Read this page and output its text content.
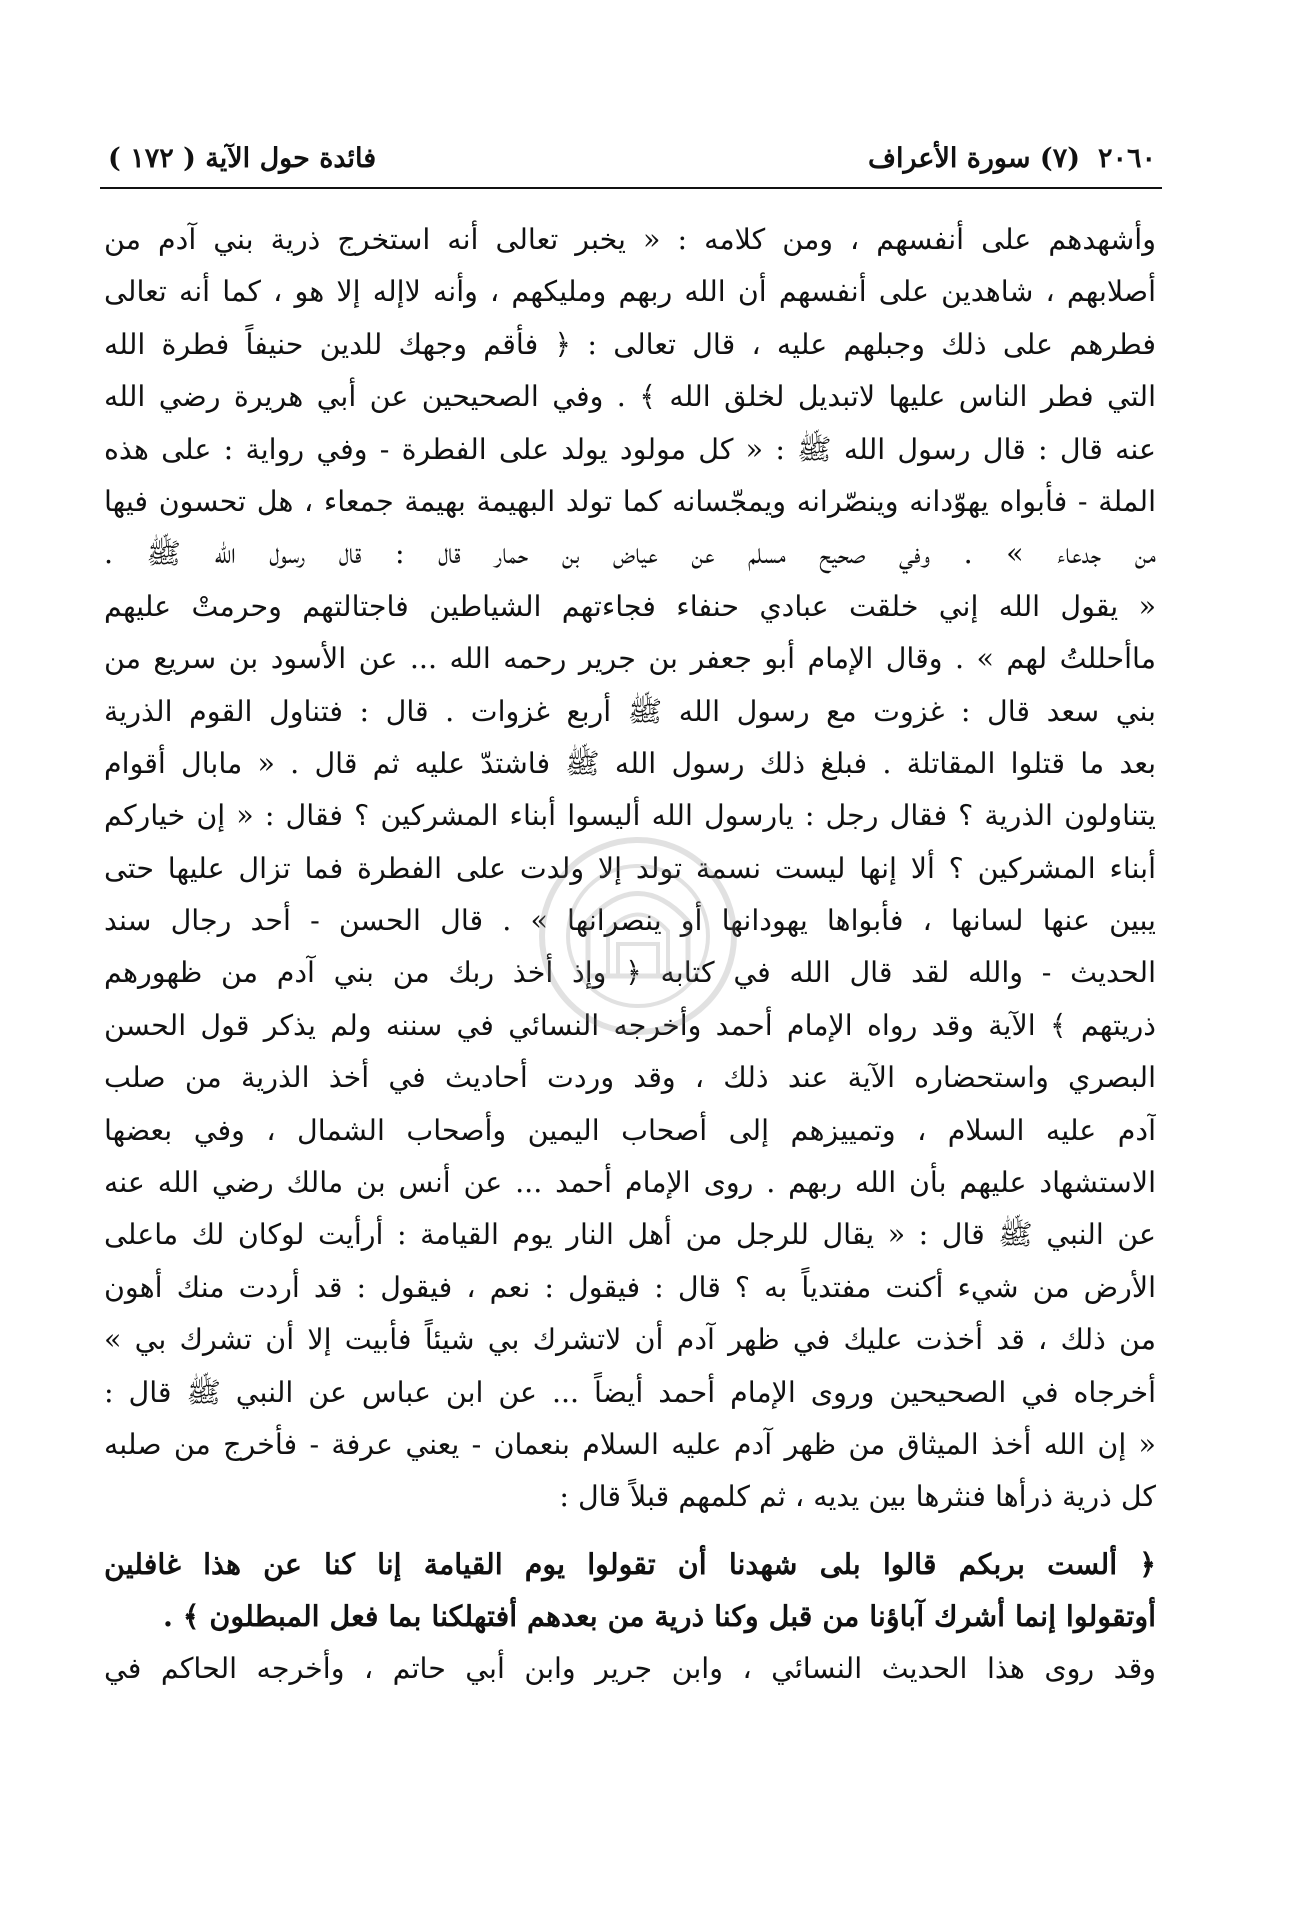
٢٠٦٠
(٧) سورة الأعراف
فائدة حول الآية ( ١٧٢ )
وأشهدهم على أنفسهم ، ومن كلامه : « يخبر تعالى أنه استخرج ذرية بني آدم من
أصلابهم ، شاهدين على أنفسهم أن الله ربهم ومليكهم ، وأنه لاإله إلا هو ، كما أنه تعالى
فطرهم على ذلك وجبلهم عليه ، قال تعالى : ﴿ فأقم وجهك للدين حنيفاً فطرة الله
التي فطر الناس عليها لاتبديل لخلق الله ﴾ . وفي الصحيحين عن أبي هريرة رضي الله
عنه قال : قال رسول الله ﷺ : « كل مولود يولد على الفطرة - وفي رواية : على هذه
الملة - فأبواه يهوّدانه وينصّرانه ويمجّسانه كما تولد البهيمة بهيمة جمعاء ، هل تحسون فيها
من جدعاء » . وفي صحيح مسلم عن عياض بن حمار قال : قال رسول الله ﷺ .
« يقول الله إني خلقت عبادي حنفاء فجاءتهم الشياطين فاجتالتهم وحرمتْ عليهم
ماأحللتُ لهم » . وقال الإمام أبو جعفر بن جرير رحمه الله ... عن الأسود بن سريع من
بني سعد قال : غزوت مع رسول الله ﷺ أربع غزوات . قال : فتناول القوم الذرية
بعد ما قتلوا المقاتلة . فبلغ ذلك رسول الله ﷺ فاشتدّ عليه ثم قال . « مابال أقوام
يتناولون الذرية ؟ فقال رجل : يارسول الله أليسوا أبناء المشركين ؟ فقال : « إن خياركم
أبناء المشركين ؟ ألا إنها ليست نسمة تولد إلا ولدت على الفطرة فما تزال عليها حتى
يبين عنها لسانها ، فأبواها يهودانها أو ينصرانها » . قال الحسن - أحد رجال سند
الحديث - والله لقد قال الله في كتابه ﴿ وإذ أخذ ربك من بني آدم من ظهورهم
ذريتهم ﴾ الآية وقد رواه الإمام أحمد وأخرجه النسائي في سننه ولم يذكر قول الحسن
البصري واستحضاره الآية عند ذلك ، وقد وردت أحاديث في أخذ الذرية من صلب
آدم عليه السلام ، وتمييزهم إلى أصحاب اليمين وأصحاب الشمال ، وفي بعضها
الاستشهاد عليهم بأن الله ربهم . روى الإمام أحمد ... عن أنس بن مالك رضي الله عنه
عن النبي ﷺ قال : « يقال للرجل من أهل النار يوم القيامة : أرأيت لوكان لك ماعلى
الأرض من شيء أكنت مفتدياً به ؟ قال : فيقول : نعم ، فيقول : قد أردت منك أهون
من ذلك ، قد أخذت عليك في ظهر آدم أن لاتشرك بي شيئاً فأبيت إلا أن تشرك بي »
أخرجاه في الصحيحين وروى الإمام أحمد أيضاً ... عن ابن عباس عن النبي ﷺ قال :
« إن الله أخذ الميثاق من ظهر آدم عليه السلام بنعمان - يعني عرفة - فأخرج من صلبه
كل ذرية ذرأها فنثرها بين يديه ، ثم كلمهم قبلاً قال :
﴿ ألست بربكم قالوا بلى شهدنا أن تقولوا يوم القيامة إنا كنا عن هذا غافلين
أوتقولوا إنما أشرك آباؤنا من قبل وكنا ذرية من بعدهم أفتهلكنا بما فعل المبطلون ﴾ .
وقد روى هذا الحديث النسائي ، وابن جرير وابن أبي حاتم ، وأخرجه الحاكم في
